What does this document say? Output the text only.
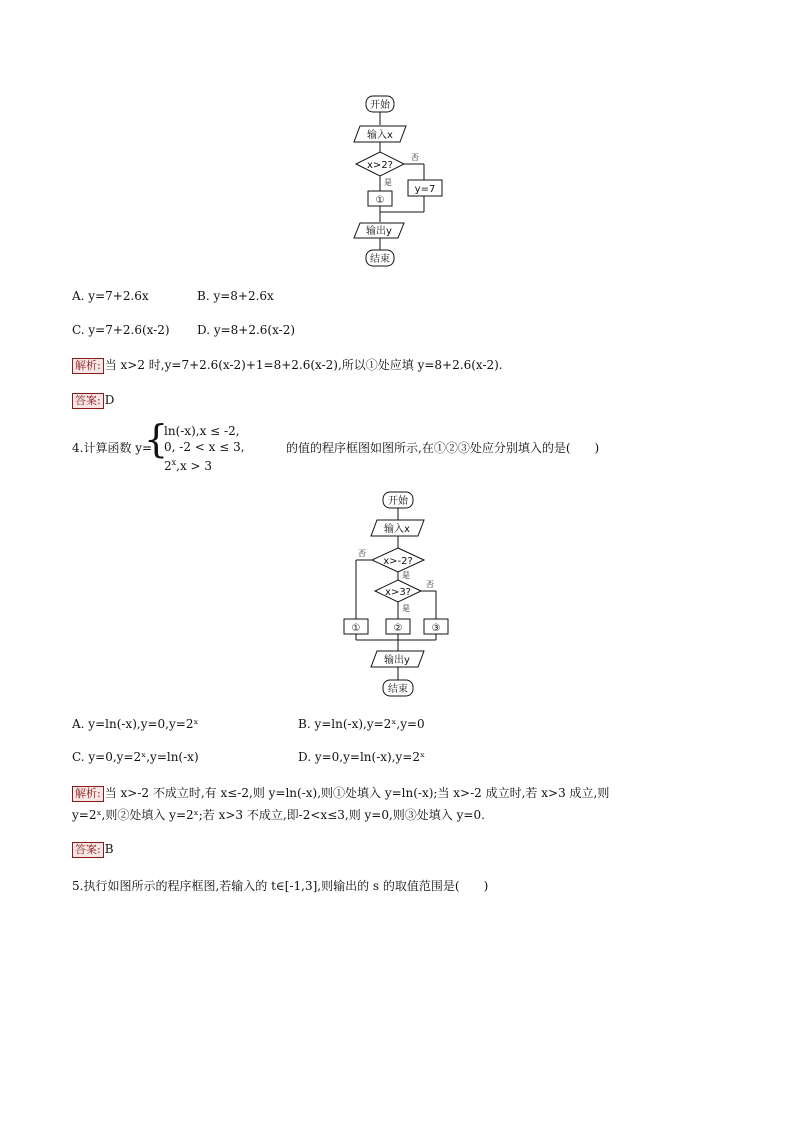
开始
输入x
x>2?
否
是
y=7
①
输出y
结束
A. y=7+2.6x	B. y=8+2.6x
C. y=7+2.6(x-2) D. y=8+2.6(x-2)
解析: 当 x>2 时,y=7+2.6(x-2)+1=8+2.6(x-2),所以①处应填 y=8+2.6(x-2).
答案: D
4.计算函数 y=
{
ln(-x),x ≤ -2,
0, -2 < x ≤ 3,
$2^x,x > 3$
的值的程序框图如图所示,在①②③处应分别填入的是(　　)
开始
输入x
x>-2?
否
是
x>3?
否
是
①	②	③
输出y
结束
A. y=ln(-x),y=0,y=2ˣ	B. y=ln(-x),y=2ˣ,y=0
C. y=0,y=2ˣ,y=ln(-x)	D. y=0,y=ln(-x),y=2ˣ
解析: 当 x>-2 不成立时,有 x≤-2,则 y=ln(-x),则①处填入 y=ln(-x);当 x>-2 成立时,若 x>3 成立,则
y=2ˣ,则②处填入 y=2ˣ;若 x>3 不成立,即-2<x≤3,则 y=0,则③处填入 y=0.
答案: B
5.执行如图所示的程序框图,若输入的 t∈[-1,3],则输出的 s 的取值范围是(　　)
